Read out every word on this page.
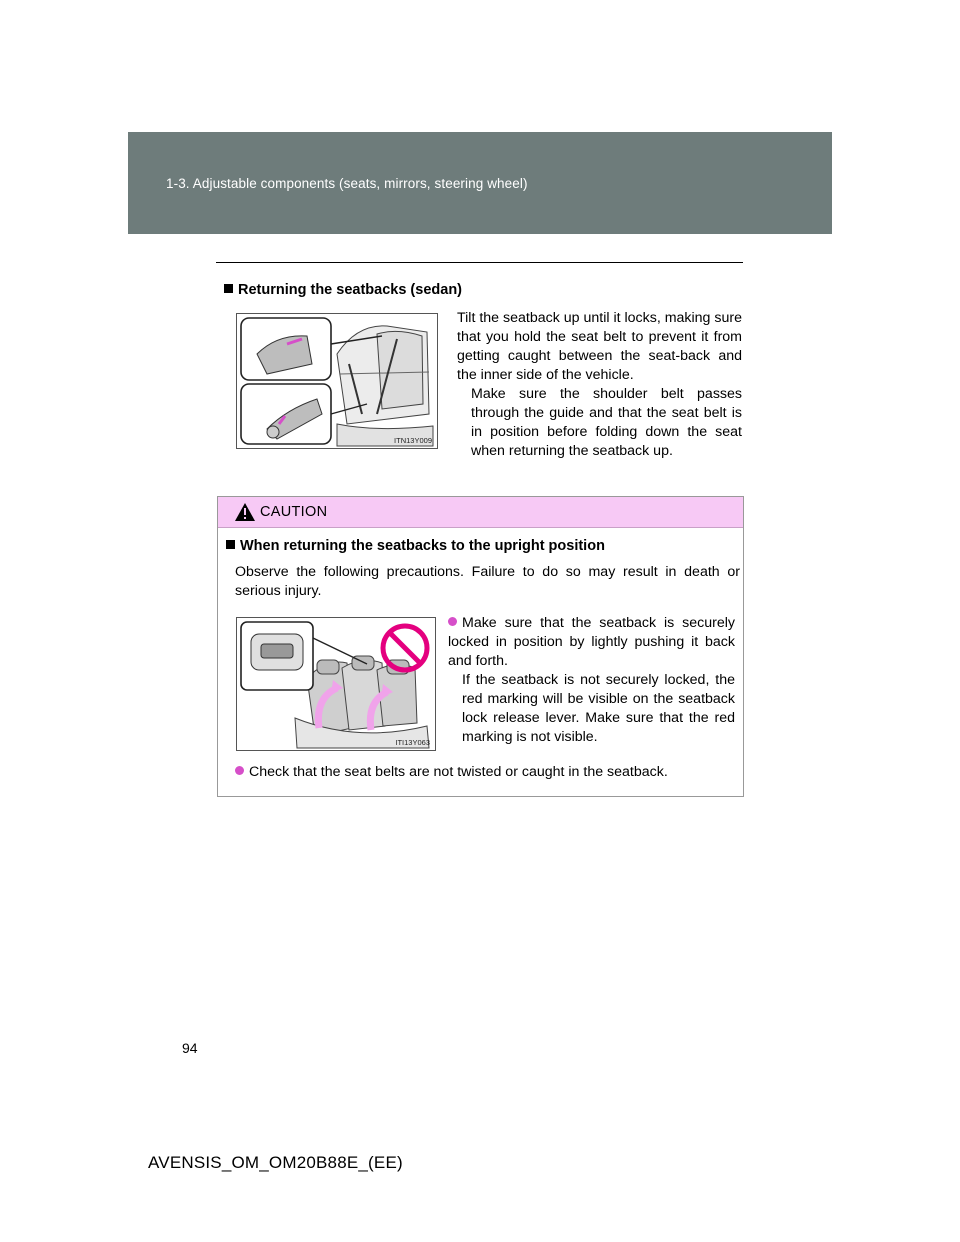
1-3. Adjustable components (seats, mirrors, steering wheel)
Returning the seatbacks (sedan)
ITN13Y009
Tilt the seatback up until it locks, making sure that you hold the seat belt to prevent it from getting caught between the seat-back and the inner side of the vehicle.
Make sure the shoulder belt passes through the guide and that the seat belt is in position before folding down the seat when returning the seatback up.
CAUTION
When returning the seatbacks to the upright position
Observe the following precautions. Failure to do so may result in death or serious injury.
ITI13Y063
Make sure that the seatback is securely locked in position by lightly pushing it back and forth.

If the seatback is not securely locked, the red marking will be visible on the seatback lock release lever. Make sure that the red marking is not visible.
Check that the seat belts are not twisted or caught in the seatback.
94
AVENSIS_OM_OM20B88E_(EE)
